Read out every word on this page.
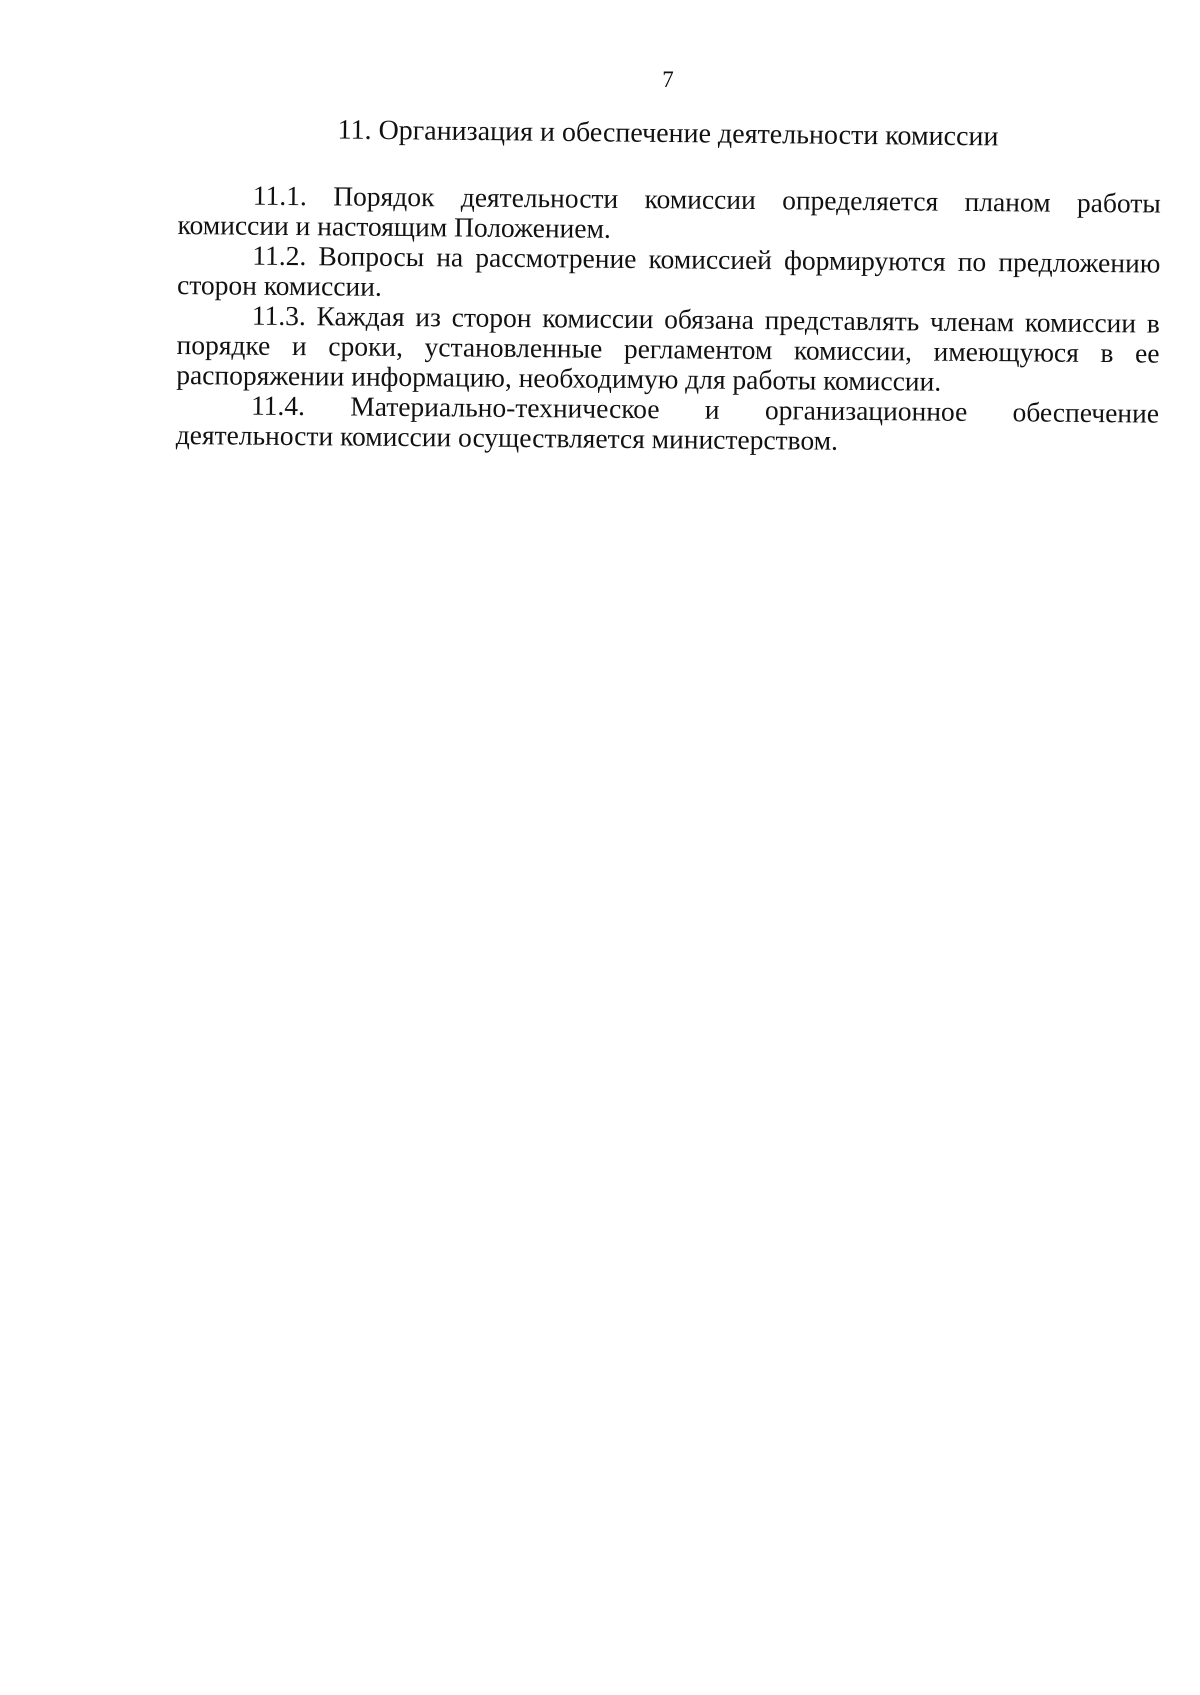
7
11. Организация и обеспечение деятельности комиссии

11.1. Порядок деятельности комиссии определяется планом работы комиссии и настоящим Положением.

11.2. Вопросы на рассмотрение комиссией формируются по предложению сторон комиссии.

11.3. Каждая из сторон комиссии обязана представлять членам комиссии в порядке и сроки, установленные регламентом комиссии, имеющуюся в ее распоряжении информацию, необходимую для работы комиссии.

11.4. Материально-техническое и организационное обеспечение деятельности комиссии осуществляется министерством.
